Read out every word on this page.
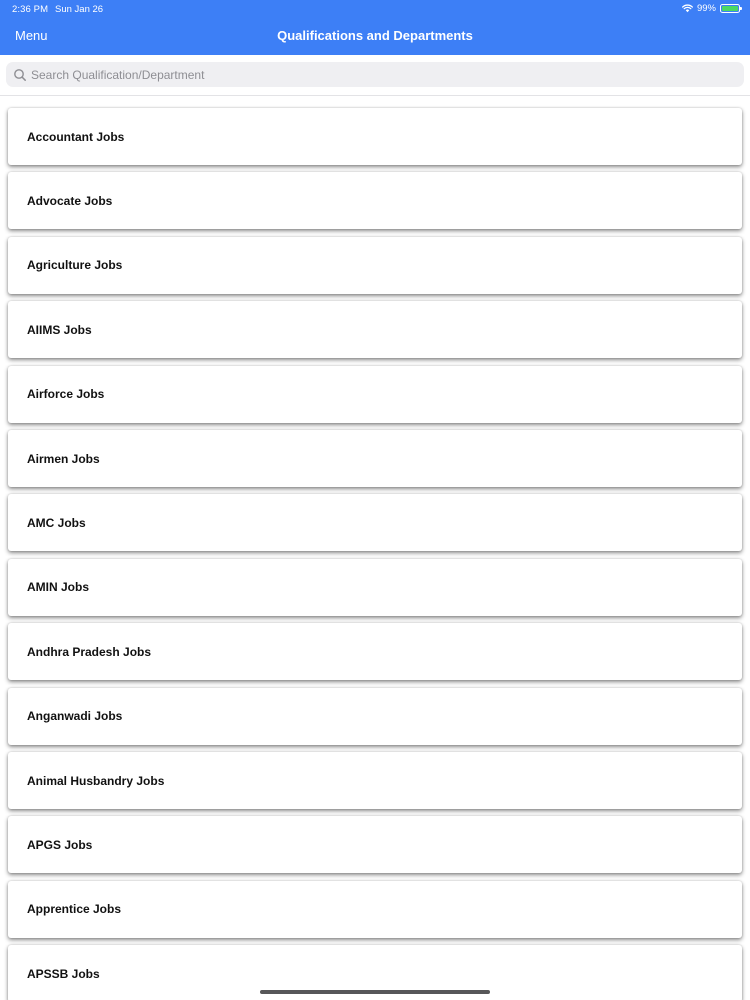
2:36 PM Sun Jan 26	99%
Menu	Qualifications and Departments
Search Qualification/Department
Accountant Jobs
Advocate Jobs
Agriculture Jobs
AIIMS Jobs
Airforce Jobs
Airmen Jobs
AMC Jobs
AMIN Jobs
Andhra Pradesh Jobs
Anganwadi Jobs
Animal Husbandry Jobs
APGS Jobs
Apprentice Jobs
APSSB Jobs
